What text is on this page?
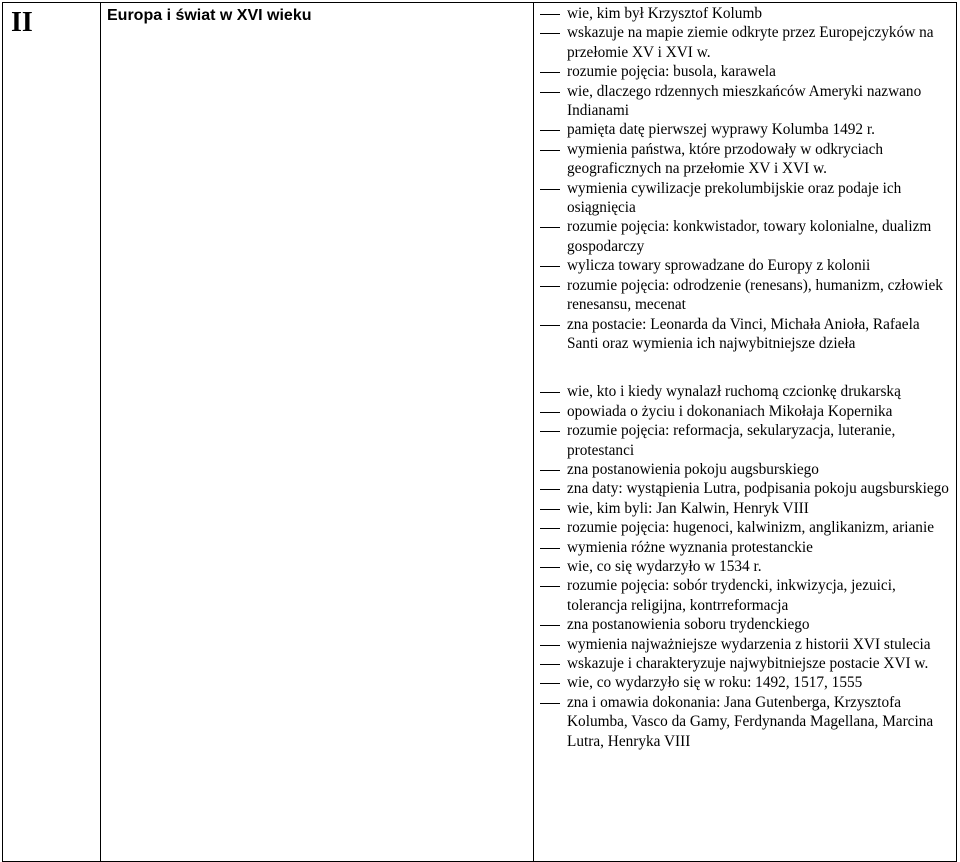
II	Europa i świat w XVI wieku	wie, kim był Krzysztof Kolumb
wskazuje na mapie ziemie odkryte przez Europejczyków na przełomie XV i XVI w.
rozumie pojęcia: busola, karawela
wie, dlaczego rdzennych mieszkańców Ameryki nazwano Indianami
pamięta datę pierwszej wyprawy Kolumba 1492 r.
wymienia państwa, które przodowały w odkryciach geograficznych na przełomie XV i XVI w.
wymienia cywilizacje prekolumbijskie oraz podaje ich osiągnięcia
rozumie pojęcia: konkwistador, towary kolonialne, dualizm gospodarczy
wylicza towary sprowadzane do Europy z kolonii
rozumie pojęcia: odrodzenie (renesans), humanizm, człowiek renesansu, mecenat
zna postacie: Leonarda da Vinci, Michała Anioła, Rafaela Santi oraz wymienia ich najwybitniejsze dzieła
wie, kto i kiedy wynalazł ruchomą czcionkę drukarską
opowiada o życiu i dokonaniach Mikołaja Kopernika
rozumie pojęcia: reformacja, sekularyzacja, luteranie, protestanci
zna postanowienia pokoju augsburskiego
zna daty: wystąpienia Lutra, podpisania pokoju augsburskiego
wie, kim byli: Jan Kalwin, Henryk VIII
rozumie pojęcia: hugenoci, kalwinizm, anglikanizm, arianie
wymienia różne wyznania protestanckie
wie, co się wydarzyło w 1534 r.
rozumie pojęcia: sobór trydencki, inkwizycja, jezuici, tolerancja religijna, kontrreformacja
zna postanowienia soboru trydenckiego
wymienia najważniejsze wydarzenia z historii XVI stulecia
wskazuje i charakteryzuje najwybitniejsze postacie XVI w.
wie, co wydarzyło się w roku: 1492, 1517, 1555
zna i omawia dokonania: Jana Gutenberga, Krzysztofa Kolumba, Vasco da Gamy, Ferdynanda Magellana, Marcina Lutra, Henryka VIII
